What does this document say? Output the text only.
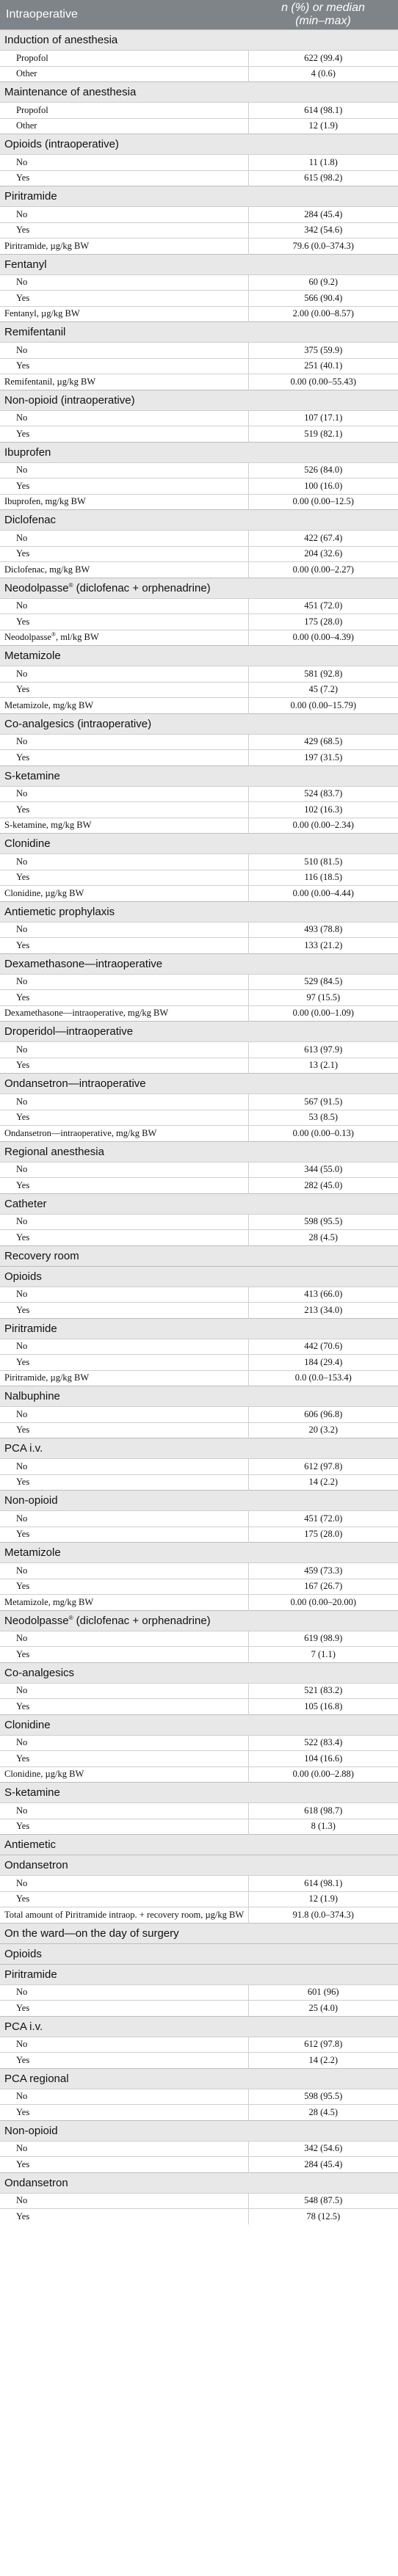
Intraoperative	n (%) or median
(min–max)
Induction of anesthesia	
Propofol	622 (99.4)
Other	4 (0.6)
Maintenance of anesthesia	
Propofol	614 (98.1)
Other	12 (1.9)
Opioids (intraoperative)	
No	11 (1.8)
Yes	615 (98.2)
Piritramide	
No	284 (45.4)
Yes	342 (54.6)
Piritramide, µg/kg BW	79.6 (0.0–374.3)
Fentanyl	
No	60 (9.2)
Yes	566 (90.4)
Fentanyl, µg/kg BW	2.00 (0.00–8.57)
Remifentanil	
No	375 (59.9)
Yes	251 (40.1)
Remifentanil, µg/kg BW	0.00 (0.00–55.43)
Non-opioid (intraoperative)	
No	107 (17.1)
Yes	519 (82.1)
Ibuprofen	
No	526 (84.0)
Yes	100 (16.0)
Ibuprofen, mg/kg BW	0.00 (0.00–12.5)
Diclofenac	
No	422 (67.4)
Yes	204 (32.6)
Diclofenac, mg/kg BW	0.00 (0.00–2.27)
Neodolpasse® (diclofenac + orphenadrine)	
No	451 (72.0)
Yes	175 (28.0)
Neodolpasse®, ml/kg BW	0.00 (0.00–4.39)
Metamizole	
No	581 (92.8)
Yes	45 (7.2)
Metamizole, mg/kg BW	0.00 (0.00–15.79)
Co-analgesics (intraoperative)	
No	429 (68.5)
Yes	197 (31.5)
S-ketamine	
No	524 (83.7)
Yes	102 (16.3)
S-ketamine, mg/kg BW	0.00 (0.00–2.34)
Clonidine	
No	510 (81.5)
Yes	116 (18.5)
Clonidine, µg/kg BW	0.00 (0.00–4.44)
Antiemetic prophylaxis	
No	493 (78.8)
Yes	133 (21.2)
Dexamethasone—intraoperative	
No	529 (84.5)
Yes	97 (15.5)
Dexamethasone—intraoperative, mg/kg BW	0.00 (0.00–1.09)
Droperidol—intraoperative	
No	613 (97.9)
Yes	13 (2.1)
Ondansetron—intraoperative	
No	567 (91.5)
Yes	53 (8.5)
Ondansetron—intraoperative, mg/kg BW	0.00 (0.00–0.13)
Regional anesthesia	
No	344 (55.0)
Yes	282 (45.0)
Catheter	
No	598 (95.5)
Yes	28 (4.5)
Recovery room	
Opioids	
No	413 (66.0)
Yes	213 (34.0)
Piritramide	
No	442 (70.6)
Yes	184 (29.4)
Piritramide, µg/kg BW	0.0 (0.0–153.4)
Nalbuphine	
No	606 (96.8)
Yes	20 (3.2)
PCA i.v.	
No	612 (97.8)
Yes	14 (2.2)
Non-opioid	
No	451 (72.0)
Yes	175 (28.0)
Metamizole	
No	459 (73.3)
Yes	167 (26.7)
Metamizole, mg/kg BW	0.00 (0.00–20.00)
Neodolpasse® (diclofenac + orphenadrine)	
No	619 (98.9)
Yes	7 (1.1)
Co-analgesics	
No	521 (83.2)
Yes	105 (16.8)
Clonidine	
No	522 (83.4)
Yes	104 (16.6)
Clonidine, µg/kg BW	0.00 (0.00–2.88)
S-ketamine	
No	618 (98.7)
Yes	8 (1.3)
Antiemetic	
Ondansetron	
No	614 (98.1)
Yes	12 (1.9)
Total amount of Piritramide intraop. + recovery room, µg/kg BW	91.8 (0.0–374.3)
On the ward—on the day of surgery	
Opioids	
Piritramide	
No	601 (96)
Yes	25 (4.0)
PCA i.v.	
No	612 (97.8)
Yes	14 (2.2)
PCA regional	
No	598 (95.5)
Yes	28 (4.5)
Non-opioid	
No	342 (54.6)
Yes	284 (45.4)
Ondansetron	
No	548 (87.5)
Yes	78 (12.5)
